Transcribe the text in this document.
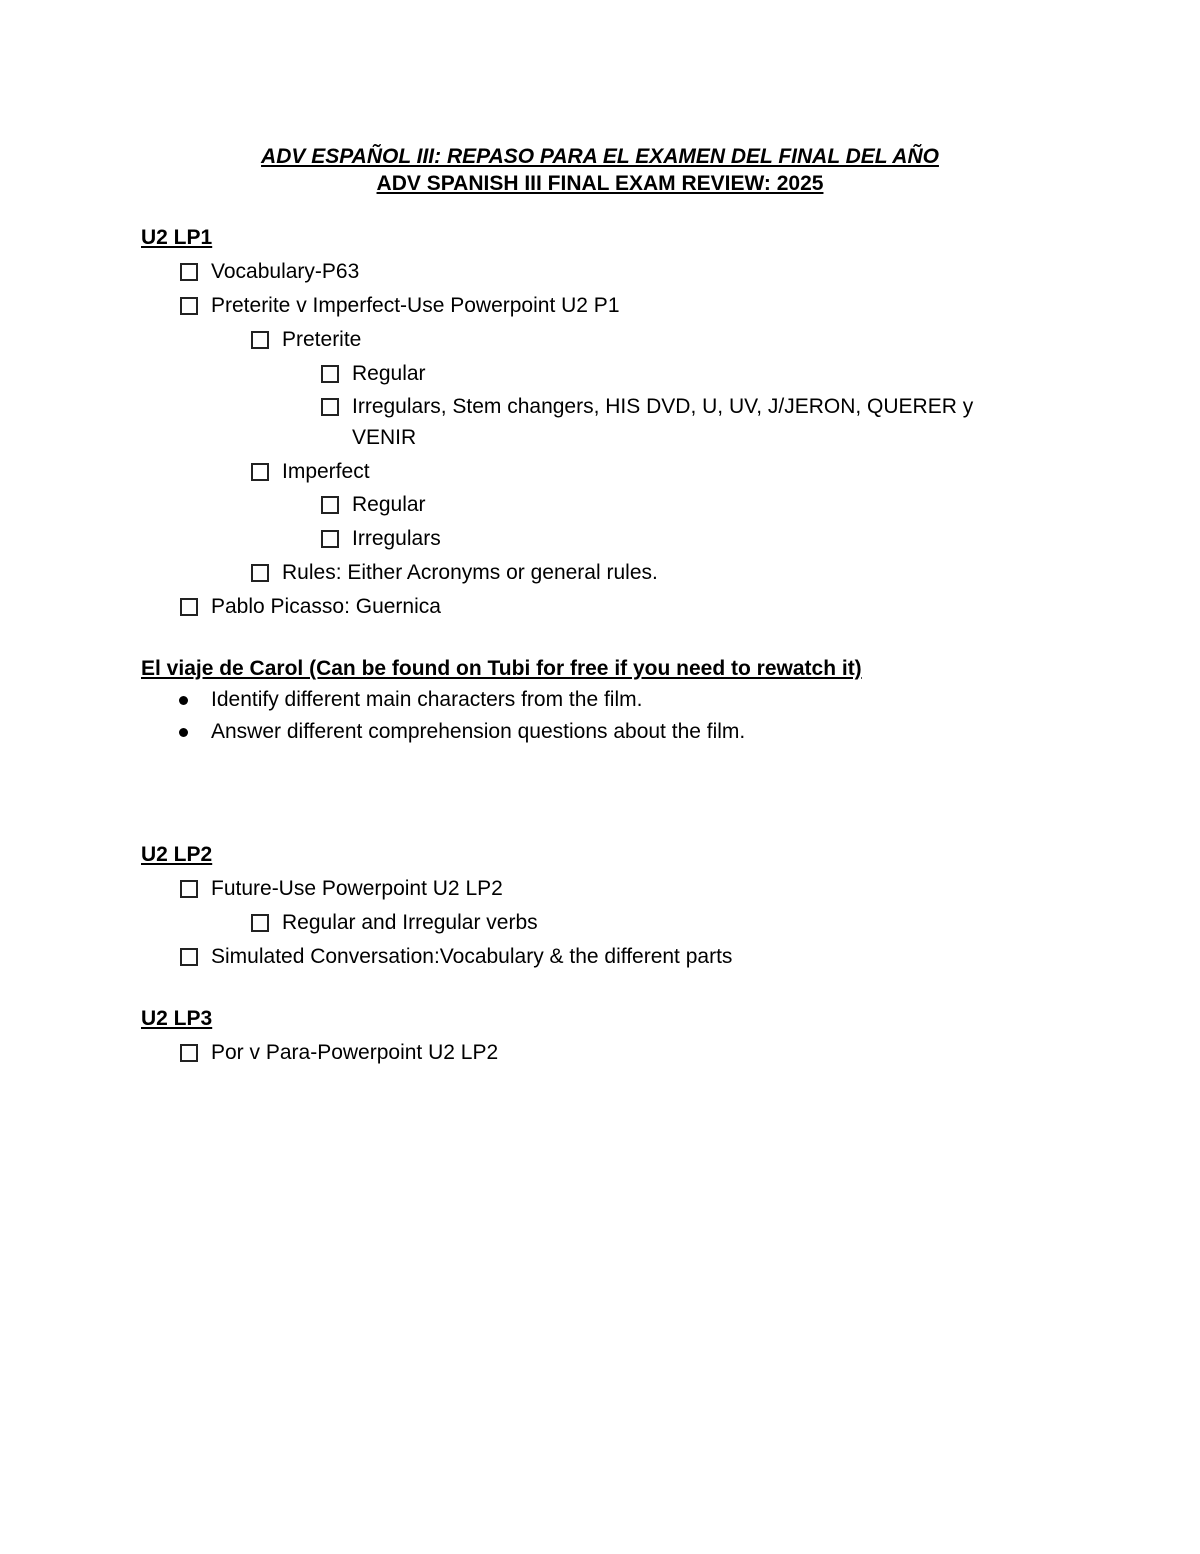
ADV ESPAÑOL III: REPASO PARA EL EXAMEN DEL FINAL DEL AÑO
ADV SPANISH III FINAL EXAM REVIEW: 2025
U2 LP1
Vocabulary-P63
Preterite v Imperfect-Use Powerpoint U2 P1
Preterite
Regular
Irregulars, Stem changers, HIS DVD, U, UV, J/JERON, QUERER y
VENIR
Imperfect
Regular
Irregulars
Rules: Either Acronyms or general rules.
Pablo Picasso: Guernica
El viaje de Carol (Can be found on Tubi for free if you need to rewatch it)
Identify different main characters from the film.
Answer different comprehension questions about the film.
U2 LP2
Future-Use Powerpoint U2 LP2
Regular and Irregular verbs
Simulated Conversation:Vocabulary & the different parts
U2 LP3
Por v Para-Powerpoint U2 LP2
